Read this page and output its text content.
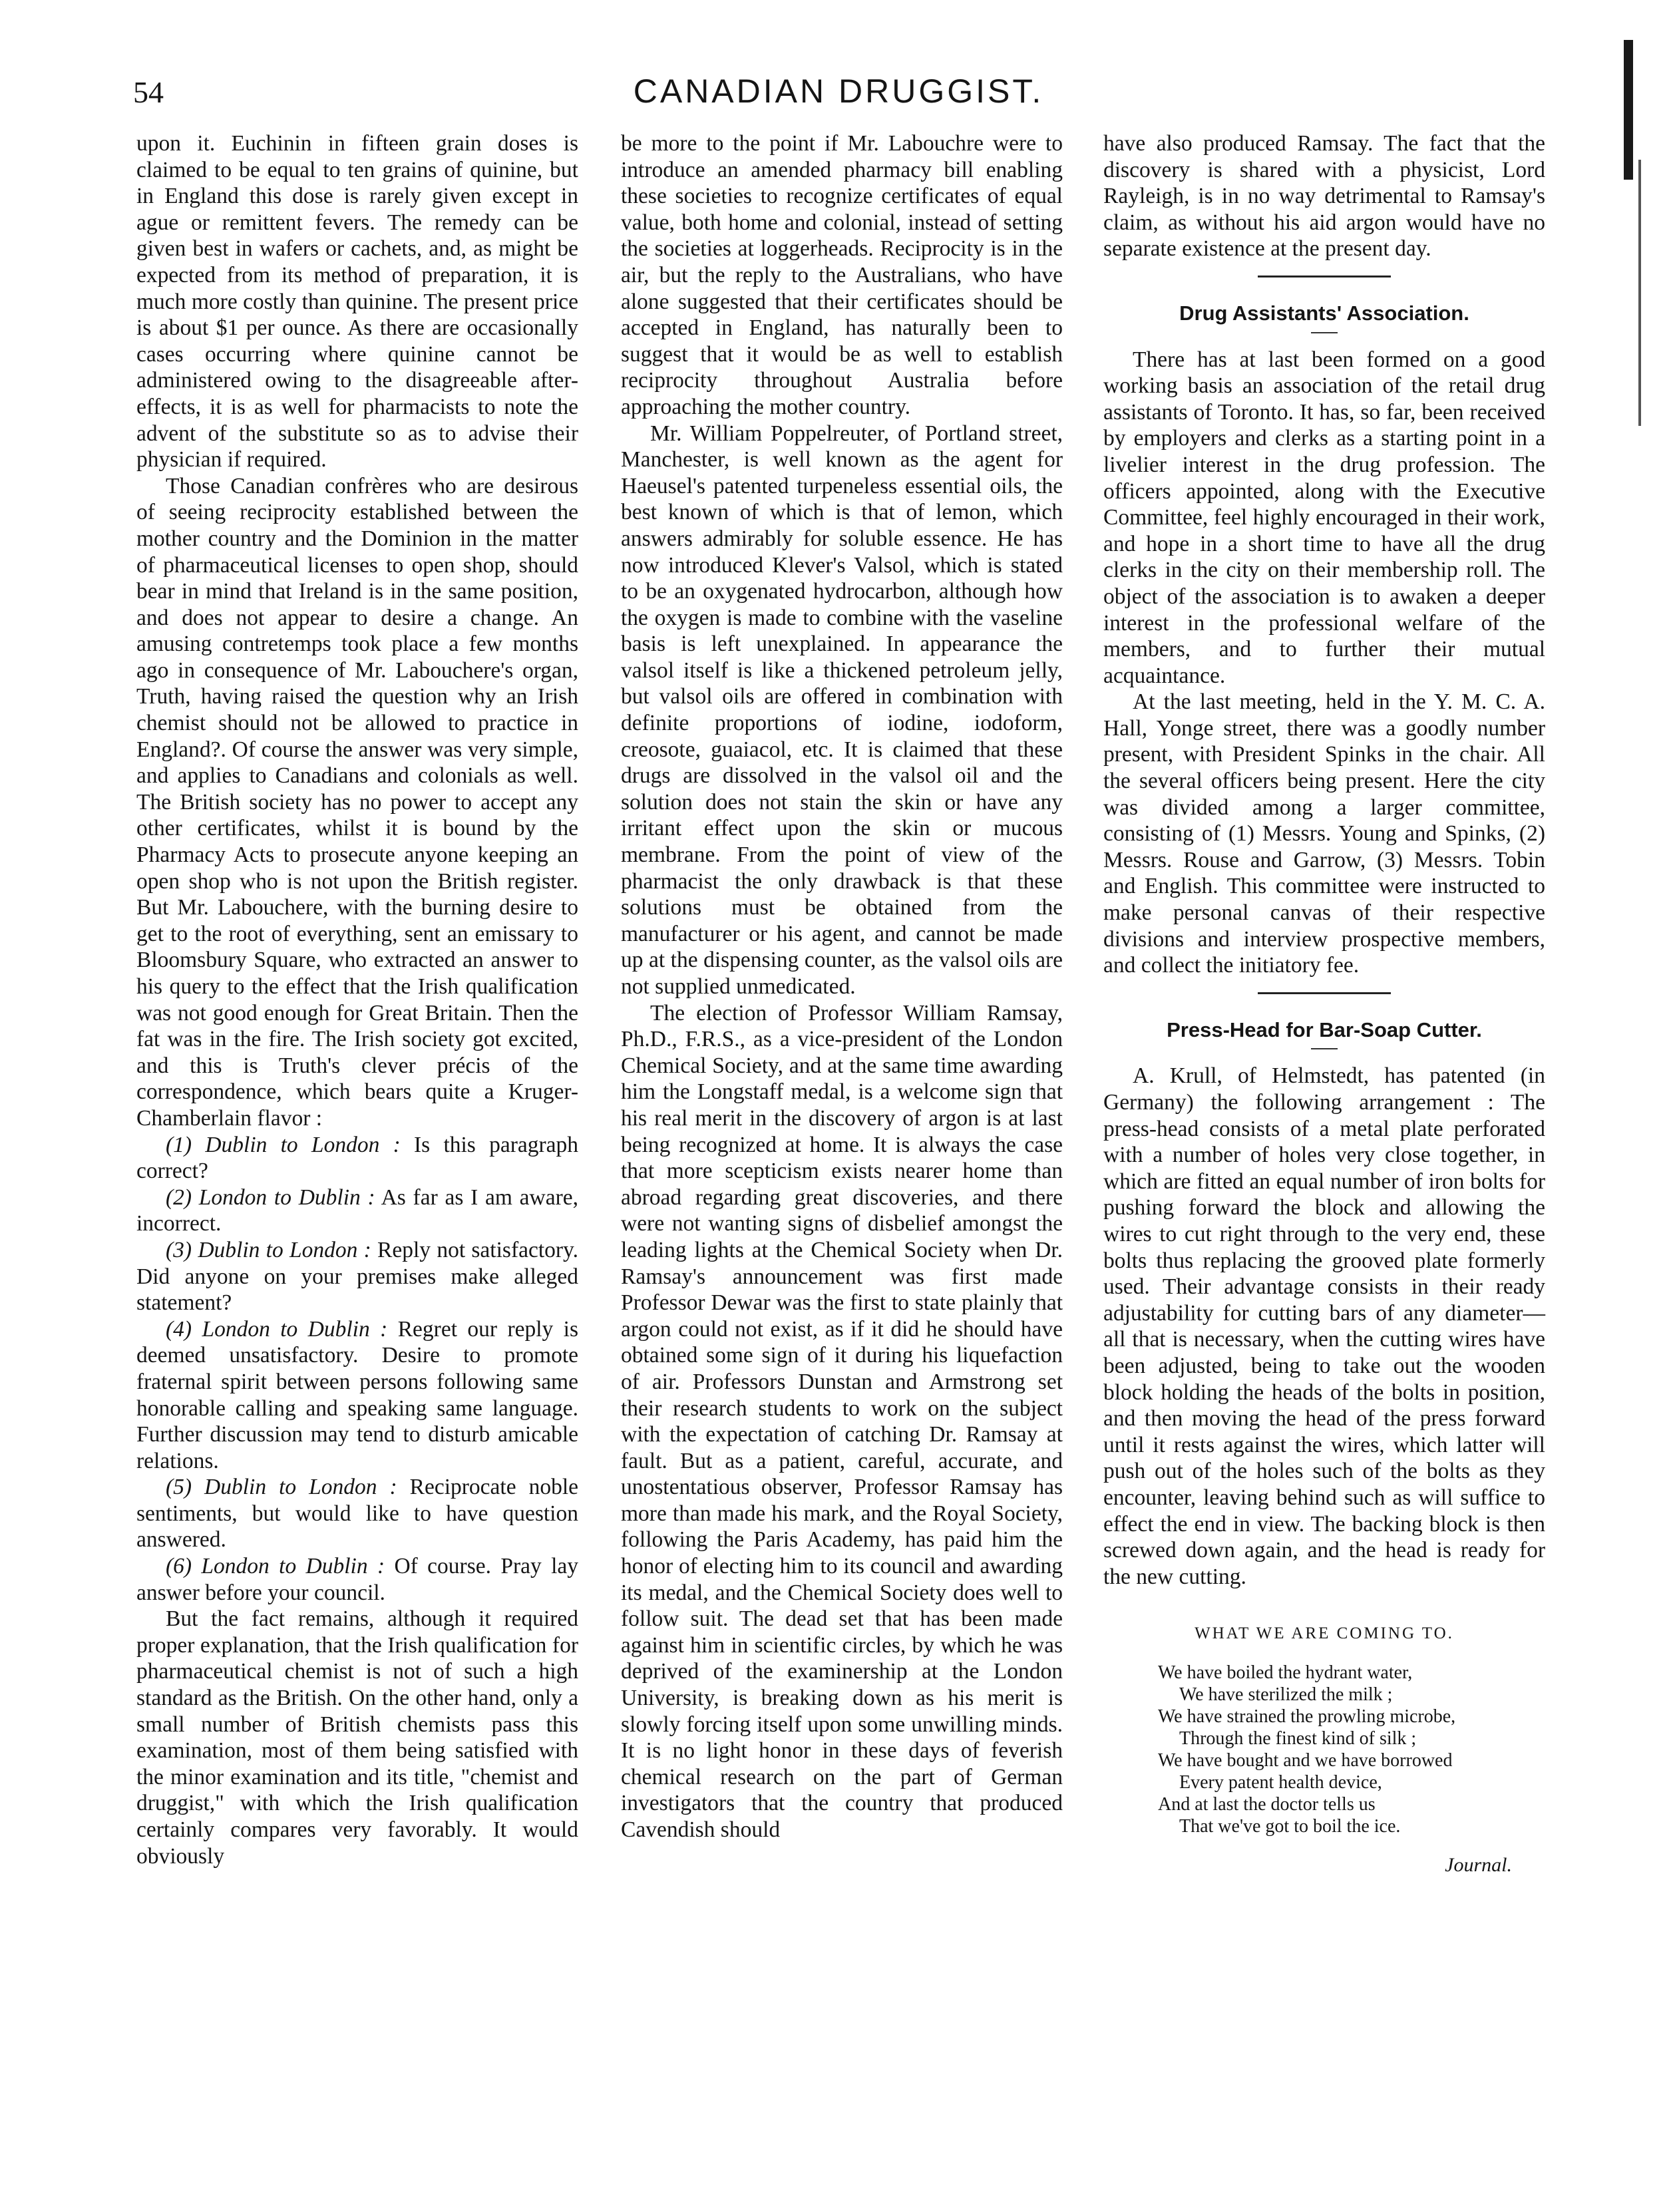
54	CANADIAN DRUGGIST.

upon it. Euchinin in fifteen grain doses is claimed to be equal to ten grains of quinine, but in England this dose is rarely given except in ague or remittent fevers. The remedy can be given best in wafers or cachets, and, as might be expected from its method of preparation, it is much more costly than quinine. The present price is about $1 per ounce. As there are occasionally cases occurring where quinine cannot be administered owing to the disagreeable after-effects, it is as well for pharmacists to note the advent of the substitute so as to advise their physician if required.

Those Canadian confrères who are desirous of seeing reciprocity established between the mother country and the Dominion in the matter of pharmaceutical licenses to open shop, should bear in mind that Ireland is in the same position, and does not appear to desire a change. An amusing contretemps took place a few months ago in consequence of Mr. Labouchere's organ, Truth, having raised the question why an Irish chemist should not be allowed to practice in England?. Of course the answer was very simple, and applies to Canadians and colonials as well. The British society has no power to accept any other certificates, whilst it is bound by the Pharmacy Acts to prosecute anyone keeping an open shop who is not upon the British register. But Mr. Labouchere, with the burning desire to get to the root of everything, sent an emissary to Bloomsbury Square, who extracted an answer to his query to the effect that the Irish qualification was not good enough for Great Britain. Then the fat was in the fire. The Irish society got excited, and this is Truth's clever précis of the correspondence, which bears quite a Kruger-Chamberlain flavor :

(1) Dublin to London : Is this paragraph correct?

(2) London to Dublin : As far as I am aware, incorrect.

(3) Dublin to London : Reply not satisfactory. Did anyone on your premises make alleged statement?

(4) London to Dublin : Regret our reply is deemed unsatisfactory. Desire to promote fraternal spirit between persons following same honorable calling and speaking same language. Further discussion may tend to disturb amicable relations.

(5) Dublin to London : Reciprocate noble sentiments, but would like to have question answered.

(6) London to Dublin : Of course. Pray lay answer before your council.

But the fact remains, although it required proper explanation, that the Irish qualification for pharmaceutical chemist is not of such a high standard as the British. On the other hand, only a small number of British chemists pass this examination, most of them being satisfied with the minor examination and its title, "chemist and druggist," with which the Irish qualification certainly compares very favorably. It would obviously

be more to the point if Mr. Labouchre were to introduce an amended pharmacy bill enabling these societies to recognize certificates of equal value, both home and colonial, instead of setting the societies at loggerheads. Reciprocity is in the air, but the reply to the Australians, who have alone suggested that their certificates should be accepted in England, has naturally been to suggest that it would be as well to establish reciprocity throughout Australia before approaching the mother country.

Mr. William Poppelreuter, of Portland street, Manchester, is well known as the agent for Haeusel's patented turpeneless essential oils, the best known of which is that of lemon, which answers admirably for soluble essence. He has now introduced Klever's Valsol, which is stated to be an oxygenated hydrocarbon, although how the oxygen is made to combine with the vaseline basis is left unexplained. In appearance the valsol itself is like a thickened petroleum jelly, but valsol oils are offered in combination with definite proportions of iodine, iodoform, creosote, guaiacol, etc. It is claimed that these drugs are dissolved in the valsol oil and the solution does not stain the skin or have any irritant effect upon the skin or mucous membrane. From the point of view of the pharmacist the only drawback is that these solutions must be obtained from the manufacturer or his agent, and cannot be made up at the dispensing counter, as the valsol oils are not supplied unmedicated.

The election of Professor William Ramsay, Ph.D., F.R.S., as a vice-president of the London Chemical Society, and at the same time awarding him the Longstaff medal, is a welcome sign that his real merit in the discovery of argon is at last being recognized at home. It is always the case that more scepticism exists nearer home than abroad regarding great discoveries, and there were not wanting signs of disbelief amongst the leading lights at the Chemical Society when Dr. Ramsay's announcement was first made Professor Dewar was the first to state plainly that argon could not exist, as if it did he should have obtained some sign of it during his liquefaction of air. Professors Dunstan and Armstrong set their research students to work on the subject with the expectation of catching Dr. Ramsay at fault. But as a patient, careful, accurate, and unostentatious observer, Professor Ramsay has more than made his mark, and the Royal Society, following the Paris Academy, has paid him the honor of electing him to its council and awarding its medal, and the Chemical Society does well to follow suit. The dead set that has been made against him in scientific circles, by which he was deprived of the examinership at the London University, is breaking down as his merit is slowly forcing itself upon some unwilling minds. It is no light honor in these days of feverish chemical research on the part of German investigators that the country that produced Cavendish should

have also produced Ramsay. The fact that the discovery is shared with a physicist, Lord Rayleigh, is in no way detrimental to Ramsay's claim, as without his aid argon would have no separate existence at the present day.

Drug Assistants' Association.

There has at last been formed on a good working basis an association of the retail drug assistants of Toronto. It has, so far, been received by employers and clerks as a starting point in a livelier interest in the drug profession. The officers appointed, along with the Executive Committee, feel highly encouraged in their work, and hope in a short time to have all the drug clerks in the city on their membership roll. The object of the association is to awaken a deeper interest in the professional welfare of the members, and to further their mutual acquaintance.

At the last meeting, held in the Y. M. C. A. Hall, Yonge street, there was a goodly number present, with President Spinks in the chair. All the several officers being present. Here the city was divided among a larger committee, consisting of (1) Messrs. Young and Spinks, (2) Messrs. Rouse and Garrow, (3) Messrs. Tobin and English. This committee were instructed to make personal canvas of their respective divisions and interview prospective members, and collect the initiatory fee.

Press-Head for Bar-Soap Cutter.

A. Krull, of Helmstedt, has patented (in Germany) the following arrangement : The press-head consists of a metal plate perforated with a number of holes very close together, in which are fitted an equal number of iron bolts for pushing forward the block and allowing the wires to cut right through to the very end, these bolts thus replacing the grooved plate formerly used. Their advantage consists in their ready adjustability for cutting bars of any diameter—all that is necessary, when the cutting wires have been adjusted, being to take out the wooden block holding the heads of the bolts in position, and then moving the head of the press forward until it rests against the wires, which latter will push out of the holes such of the bolts as they encounter, leaving behind such as will suffice to effect the end in view. The backing block is then screwed down again, and the head is ready for the new cutting.

WHAT WE ARE COMING TO.

We have boiled the hydrant water,

We have sterilized the milk ;

We have strained the prowling microbe,

Through the finest kind of silk ;

We have bought and we have borrowed

Every patent health device,

And at last the doctor tells us

That we've got to boil the ice.

Journal.
